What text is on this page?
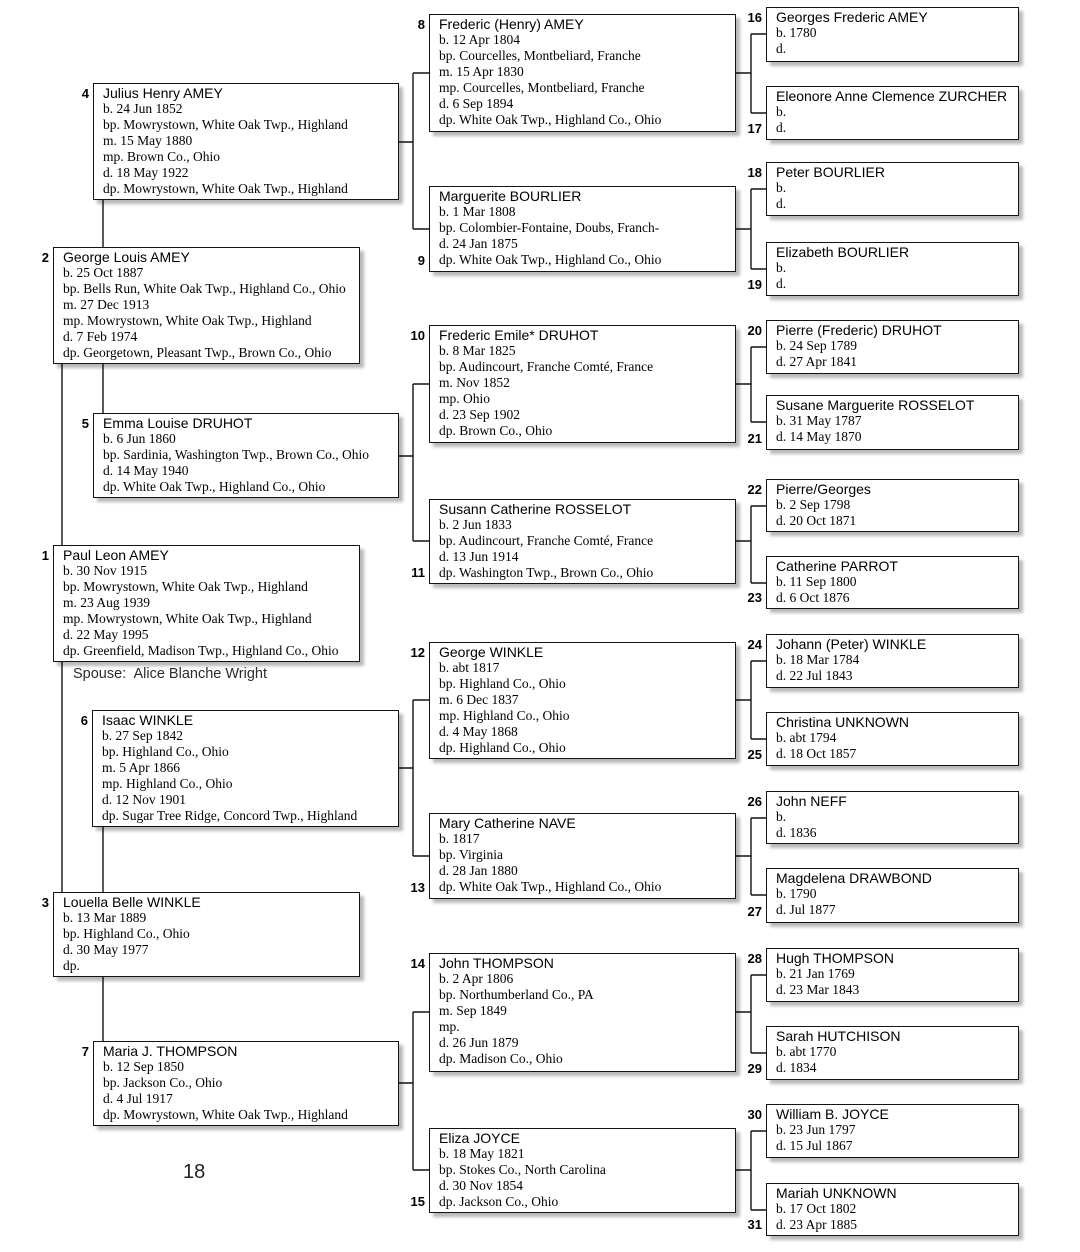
2 George Louis AMEY
b. 25 Oct 1887
bp. Bells Run, White Oak Twp., Highland Co., Ohio
m. 27 Dec 1913
mp. Mowrystown, White Oak Twp., Highland
d. 7 Feb 1974
dp. Georgetown, Pleasant Twp., Brown Co., Ohio
1 Paul Leon AMEY
b. 30 Nov 1915
bp. Mowrystown, White Oak Twp., Highland
m. 23 Aug 1939
mp. Mowrystown, White Oak Twp., Highland
d. 22 May 1995
dp. Greenfield, Madison Twp., Highland Co., Ohio
3 Louella Belle WINKLE
b. 13 Mar 1889
bp. Highland Co., Ohio
d. 30 May 1977
dp.
Spouse:  Alice Blanche Wright
18
4 Julius Henry AMEY
b. 24 Jun 1852
bp. Mowrystown, White Oak Twp., Highland
m. 15 May 1880
mp. Brown Co., Ohio
d. 18 May 1922
dp. Mowrystown, White Oak Twp., Highland
5 Emma Louise DRUHOT
b. 6 Jun 1860
bp. Sardinia, Washington Twp., Brown Co., Ohio
d. 14 May 1940
dp. White Oak Twp., Highland Co., Ohio
6 Isaac WINKLE
b. 27 Sep 1842
bp. Highland Co., Ohio
m. 5 Apr 1866
mp. Highland Co., Ohio
d. 12 Nov 1901
dp. Sugar Tree Ridge, Concord Twp., Highland
7 Maria J. THOMPSON
b. 12 Sep 1850
bp. Jackson Co., Ohio
d. 4 Jul 1917
dp. Mowrystown, White Oak Twp., Highland
8 Frederic (Henry) AMEY
b. 12 Apr 1804
bp. Courcelles, Montbeliard, Franche
m. 15 Apr 1830
mp. Courcelles, Montbeliard, Franche
d. 6 Sep 1894
dp. White Oak Twp., Highland Co., Ohio
9
Marguerite BOURLIER
b. 1 Mar 1808
bp. Colombier-Fontaine, Doubs, Franch-
d. 24 Jan 1875
dp. White Oak Twp., Highland Co., Ohio
10 Frederic Emile* DRUHOT
b. 8 Mar 1825
bp. Audincourt, Franche Comté, France
m. Nov 1852
mp. Ohio
d. 23 Sep 1902
dp. Brown Co., Ohio
11
Susann Catherine ROSSELOT
b. 2 Jun 1833
bp. Audincourt, Franche Comté, France
d. 13 Jun 1914
dp. Washington Twp., Brown Co., Ohio
12 George WINKLE
b. abt 1817
bp. Highland Co., Ohio
m. 6 Dec 1837
mp. Highland Co., Ohio
d. 4 May 1868
dp. Highland Co., Ohio
13
Mary Catherine NAVE
b. 1817
bp. Virginia
d. 28 Jan 1880
dp. White Oak Twp., Highland Co., Ohio
14 John THOMPSON
b. 2 Apr 1806
bp. Northumberland Co., PA
m. Sep 1849
mp.
d. 26 Jun 1879
dp. Madison Co., Ohio
15
Eliza JOYCE
b. 18 May 1821
bp. Stokes Co., North Carolina
d. 30 Nov 1854
dp. Jackson Co., Ohio
16 Georges Frederic AMEY
b. 1780
d.
17
Eleonore Anne Clemence ZURCHER
b.
d.
18 Peter BOURLIER
b.
d.
19
Elizabeth BOURLIER
b.
d.
20 Pierre (Frederic) DRUHOT
b. 24 Sep 1789
d. 27 Apr 1841
21
Susane Marguerite ROSSELOT
b. 31 May 1787
d. 14 May 1870
22 Pierre/Georges
b. 2 Sep 1798
d. 20 Oct 1871
23
Catherine PARROT
b. 11 Sep 1800
d. 6 Oct 1876
24 Johann (Peter) WINKLE
b. 18 Mar 1784
d. 22 Jul 1843
25
Christina UNKNOWN
b. abt 1794
d. 18 Oct 1857
26 John NEFF
b.
d. 1836
27
Magdelena DRAWBOND
b. 1790
d. Jul 1877
28 Hugh THOMPSON
b. 21 Jan 1769
d. 23 Mar 1843
29
Sarah HUTCHISON
b. abt 1770
d. 1834
30 William B. JOYCE
b. 23 Jun 1797
d. 15 Jul 1867
31
Mariah UNKNOWN
b. 17 Oct 1802
d. 23 Apr 1885
